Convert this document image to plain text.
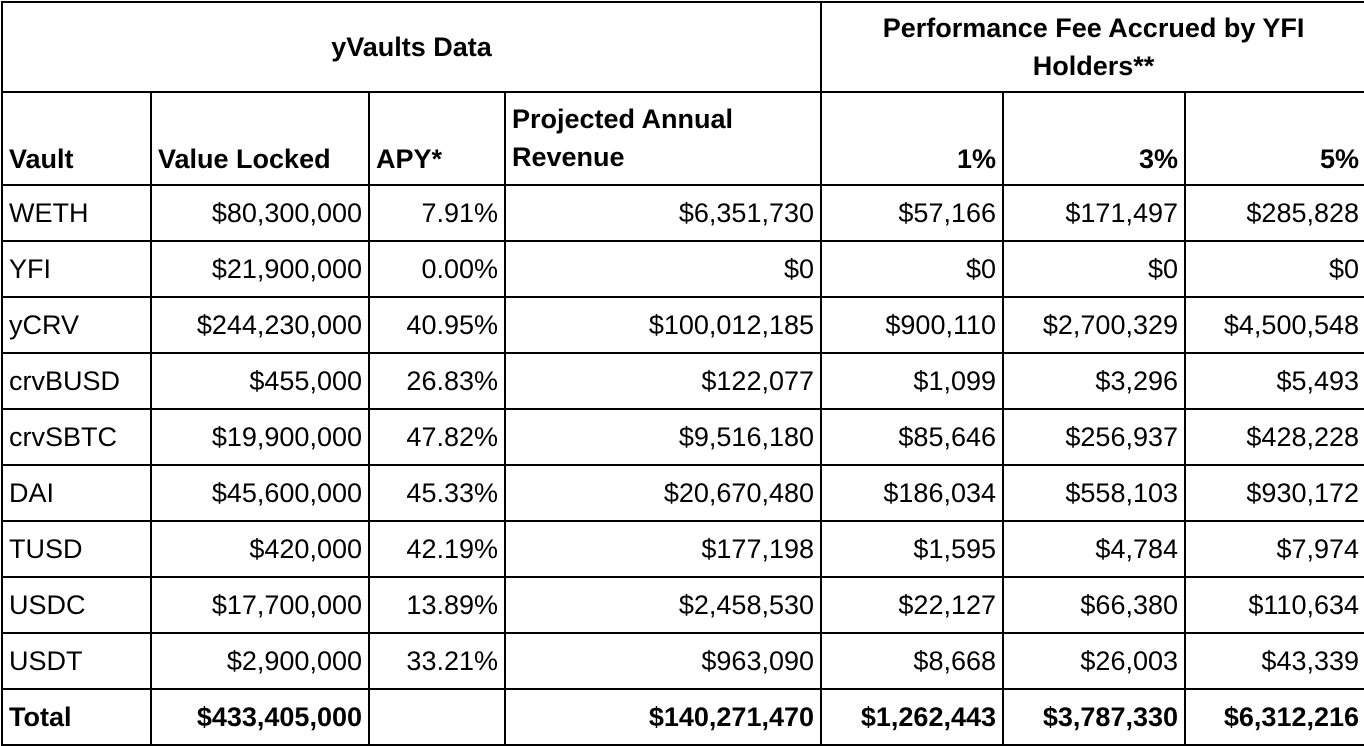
yVaults Data				Performance Fee Accrued by YFI Holders**		
Vault	Value Locked	APY*	Projected Annual Revenue	1%	3%	5%
WETH	$80,300,000	7.91%	$6,351,730	$57,166	$171,497	$285,828
YFI	$21,900,000	0.00%	$0	$0	$0	$0
yCRV	$244,230,000	40.95%	$100,012,185	$900,110	$2,700,329	$4,500,548
crvBUSD	$455,000	26.83%	$122,077	$1,099	$3,296	$5,493
crvSBTC	$19,900,000	47.82%	$9,516,180	$85,646	$256,937	$428,228
DAI	$45,600,000	45.33%	$20,670,480	$186,034	$558,103	$930,172
TUSD	$420,000	42.19%	$177,198	$1,595	$4,784	$7,974
USDC	$17,700,000	13.89%	$2,458,530	$22,127	$66,380	$110,634
USDT	$2,900,000	33.21%	$963,090	$8,668	$26,003	$43,339
Total	$433,405,000		$140,271,470	$1,262,443	$3,787,330	$6,312,216
